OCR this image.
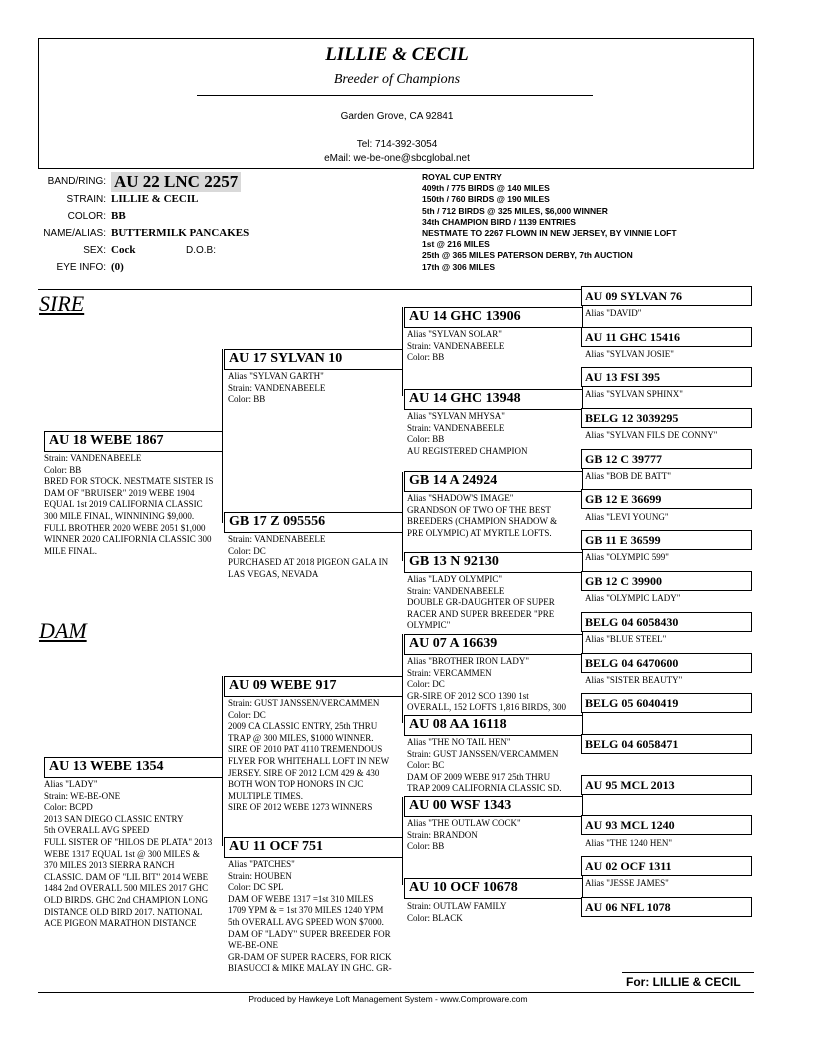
LILLIE & CECIL
Breeder of Champions
Garden Grove, CA 92841
Tel: 714-392-3054
eMail: we-be-one@sbcglobal.net
BAND/RING: AU 22 LNC 2257
STRAIN: LILLIE & CECIL
COLOR: BB
NAME/ALIAS: BUTTERMILK PANCAKES
SEX: Cock	D.O.B:
EYE INFO: (0)
ROYAL CUP ENTRY
409th / 775 BIRDS @ 140 MILES
150th / 760 BIRDS @ 190 MILES
5th / 712 BIRDS @ 325 MILES, $6,000 WINNER
34th CHAMPION BIRD / 1139 ENTRIES
NESTMATE TO 2267 FLOWN IN NEW JERSEY, BY VINNIE LOFT
1st @ 216 MILES
25th @ 365 MILES PATERSON DERBY, 7th AUCTION
17th @ 306 MILES
SIRE
DAM
AU 18 WEBE 1867
Strain: VANDENABEELE
Color: BB
BRED FOR STOCK. NESTMATE SISTER IS
DAM OF "BRUISER" 2019 WEBE 1904
EQUAL 1st 2019 CALIFORNIA CLASSIC
300 MILE FINAL, WINNINING $9,000.
FULL BROTHER 2020 WEBE 2051 $1,000
WINNER 2020 CALIFORNIA CLASSIC 300
MILE FINAL.
AU 13 WEBE 1354
Alias "LADY"
Strain: WE-BE-ONE
Color: BCPD
2013 SAN DIEGO CLASSIC ENTRY
5th OVERALL AVG SPEED
FULL SISTER OF "HILOS DE PLATA" 2013
WEBE 1317 EQUAL 1st @ 300 MILES &
370 MILES 2013 SIERRA RANCH
CLASSIC. DAM OF "LIL BIT" 2014 WEBE
1484 2nd OVERALL 500 MILES 2017 GHC
OLD BIRDS. GHC 2nd CHAMPION LONG
DISTANCE OLD BIRD 2017. NATIONAL
ACE PIGEON MARATHON DISTANCE
AU 17 SYLVAN 10
Alias "SYLVAN GARTH"
Strain: VANDENABEELE
Color: BB
GB 17 Z 095556
Strain: VANDENABEELE
Color: DC
PURCHASED AT 2018 PIGEON GALA IN
LAS VEGAS, NEVADA
AU 09 WEBE 917
Strain: GUST JANSSEN/VERCAMMEN
Color: DC
2009 CA CLASSIC ENTRY, 25th THRU
TRAP @ 300 MILES, $1000 WINNER.
SIRE OF 2010 PAT 4110 TREMENDOUS
FLYER FOR WHITEHALL LOFT IN NEW
JERSEY. SIRE OF 2012 LCM 429 & 430
BOTH WON TOP HONORS IN CJC
MULTIPLE TIMES.
SIRE OF 2012 WEBE 1273 WINNERS
AU 11 OCF 751
Alias "PATCHES"
Strain: HOUBEN
Color: DC SPL
DAM OF WEBE 1317 =1st 310 MILES
1709 YPM & = 1st 370 MILES 1240 YPM
5th OVERALL AVG SPEED WON $7000.
DAM OF "LADY" SUPER BREEDER FOR
WE-BE-ONE
GR-DAM OF SUPER RACERS, FOR RICK
BIASUCCI & MIKE MALAY IN GHC. GR-
AU 14 GHC 13906
Alias "SYLVAN SOLAR"
Strain: VANDENABEELE
Color: BB
AU 14 GHC 13948
Alias "SYLVAN MHYSA"
Strain: VANDENABEELE
Color: BB
AU REGISTERED CHAMPION
GB 14 A 24924
Alias "SHADOW'S IMAGE"
GRANDSON OF TWO OF THE BEST
BREEDERS (CHAMPION SHADOW &
PRE OLYMPIC) AT MYRTLE LOFTS.
GB 13 N 92130
Alias "LADY OLYMPIC"
Strain: VANDENABEELE
DOUBLE GR-DAUGHTER OF SUPER
RACER AND SUPER BREEDER "PRE
OLYMPIC"
AU 07 A 16639
Alias "BROTHER IRON LADY"
Strain: VERCAMMEN
Color: DC
GR-SIRE OF 2012 SCO 1390 1st
OVERALL, 152 LOFTS 1,816 BIRDS, 300
AU 08 AA 16118
Alias "THE NO TAIL HEN"
Strain: GUST JANSSEN/VERCAMMEN
Color: BC
DAM OF 2009 WEBE 917 25th THRU
TRAP 2009 CALIFORNIA CLASSIC SD.
AU 00 WSF 1343
Alias "THE OUTLAW COCK"
Strain: BRANDON
Color: BB
AU 10 OCF 10678
Strain: OUTLAW FAMILY
Color: BLACK
AU 09 SYLVAN 76
Alias "DAVID"
AU 11 GHC 15416
Alias "SYLVAN JOSIE"
AU 13 FSI 395
Alias "SYLVAN SPHINX"
BELG 12 3039295
Alias "SYLVAN FILS DE CONNY"
GB 12 C 39777
Alias "BOB DE BATT"
GB 12 E 36699
Alias "LEVI YOUNG"
GB 11 E 36599
Alias "OLYMPIC 599"
GB 12 C 39900
Alias "OLYMPIC LADY"
BELG 04 6058430
Alias "BLUE STEEL"
BELG 04 6470600
Alias "SISTER BEAUTY"
BELG 05 6040419
BELG 04 6058471
AU 95 MCL 2013
AU 93 MCL 1240
Alias "THE 1240 HEN"
AU 02 OCF 1311
Alias "JESSE JAMES"
AU 06 NFL 1078
For: LILLIE & CECIL
Produced by Hawkeye Loft Management System - www.Comproware.com
